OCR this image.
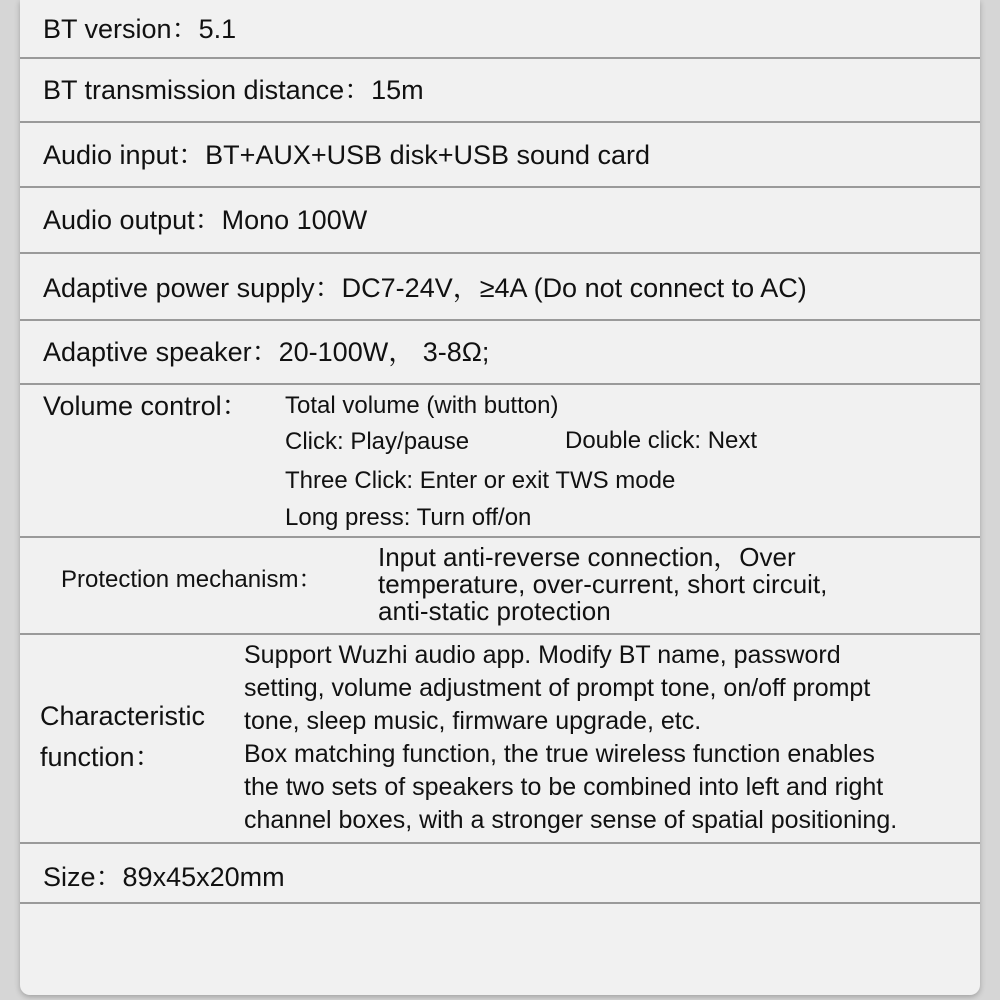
BT version：5.1
BT transmission distance：15m
Audio input：BT+AUX+USB disk+USB sound card
Audio output：Mono 100W
Adaptive power supply：DC7-24V，≥4A (Do not connect to AC)
Adaptive speaker：20-100W， 3-8Ω;
Volume control： Total volume (with button)
Click: Play/pause	Double click: Next
Three Click: Enter or exit TWS mode
Long press: Turn off/on
Protection mechanism：
Input anti-reverse connection，Over
temperature, over-current, short circuit,
anti-static protection
Characteristic
function：
Support Wuzhi audio app. Modify BT name, password
setting, volume adjustment of prompt tone, on/off prompt
tone, sleep music, firmware upgrade, etc.
Box matching function, the true wireless function enables
the two sets of speakers to be combined into left and right
channel boxes, with a stronger sense of spatial positioning.
Size：89x45x20mm
